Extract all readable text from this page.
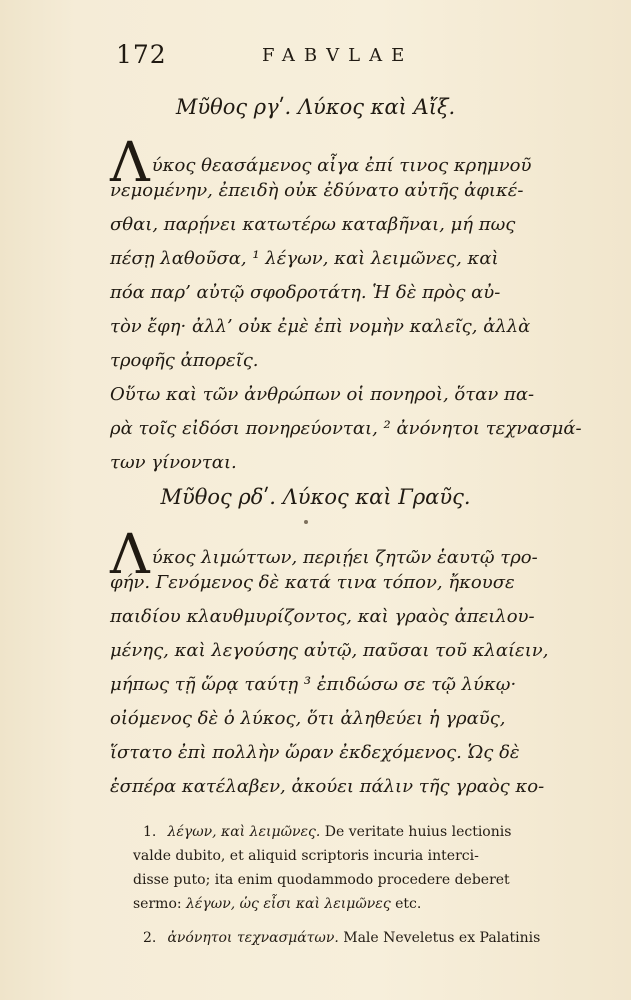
172	FABVLAE
Μῦθος ργʹ. Λύκος καὶ Αἴξ.
Λύκος θεασάμενος αἶγα ἐπί τινος κρημνοῦ
νεμομένην, ἐπειδὴ οὐκ ἐδύνατο αὐτῆς ἀφικέ-
σθαι, παρῄνει κατωτέρω καταβῆναι, μή πως
πέσῃ λαθοῦσα, ¹ λέγων, καὶ λειμῶνες, καὶ
πόα παρ’ αὐτῷ σφοδροτάτη. Ἡ δὲ πρὸς αὐ-
τὸν ἔφη· ἀλλ’ οὐκ ἐμὲ ἐπὶ νομὴν καλεῖς, ἀλλὰ
τροφῆς ἀπορεῖς.
Οὕτω καὶ τῶν ἀνθρώπων οἱ πονηροὶ, ὅταν πα-
ρὰ τοῖς εἰδόσι πονηρεύονται, ² ἀνόνητοι τεχνασμά-
των γίνονται.
Μῦθος ρδʹ. Λύκος καὶ Γραῦς.
Λύκος λιμώττων, περιῄει ζητῶν ἑαυτῷ τρο-
φήν. Γενόμενος δὲ κατά τινα τόπον, ἤκουσε
παιδίου κλαυθμυρίζοντος, καὶ γραὸς ἀπειλου-
μένης, καὶ λεγούσης αὐτῷ, παῦσαι τοῦ κλαίειν,
μήπως τῇ ὥρᾳ ταύτῃ ³ ἐπιδώσω σε τῷ λύκῳ·
οἰόμενος δὲ ὁ λύκος, ὅτι ἀληθεύει ἡ γραῦς,
ἵστατο ἐπὶ πολλὴν ὥραν ἐκδεχόμενος. Ὡς δὲ
ἑσπέρα κατέλαβεν, ἀκούει πάλιν τῆς γραὸς κο-
1. λέγων, καὶ λειμῶνες. De veritate huius lectionis
valde dubito, et aliquid scriptoris incuria interci-
disse puto; ita enim quodammodo procedere deberet
sermo: λέγων, ὡς εἶσι καὶ λειμῶνες etc.
2. ἀνόνητοι τεχνασμάτων. Male Neveletus ex Palatinis
